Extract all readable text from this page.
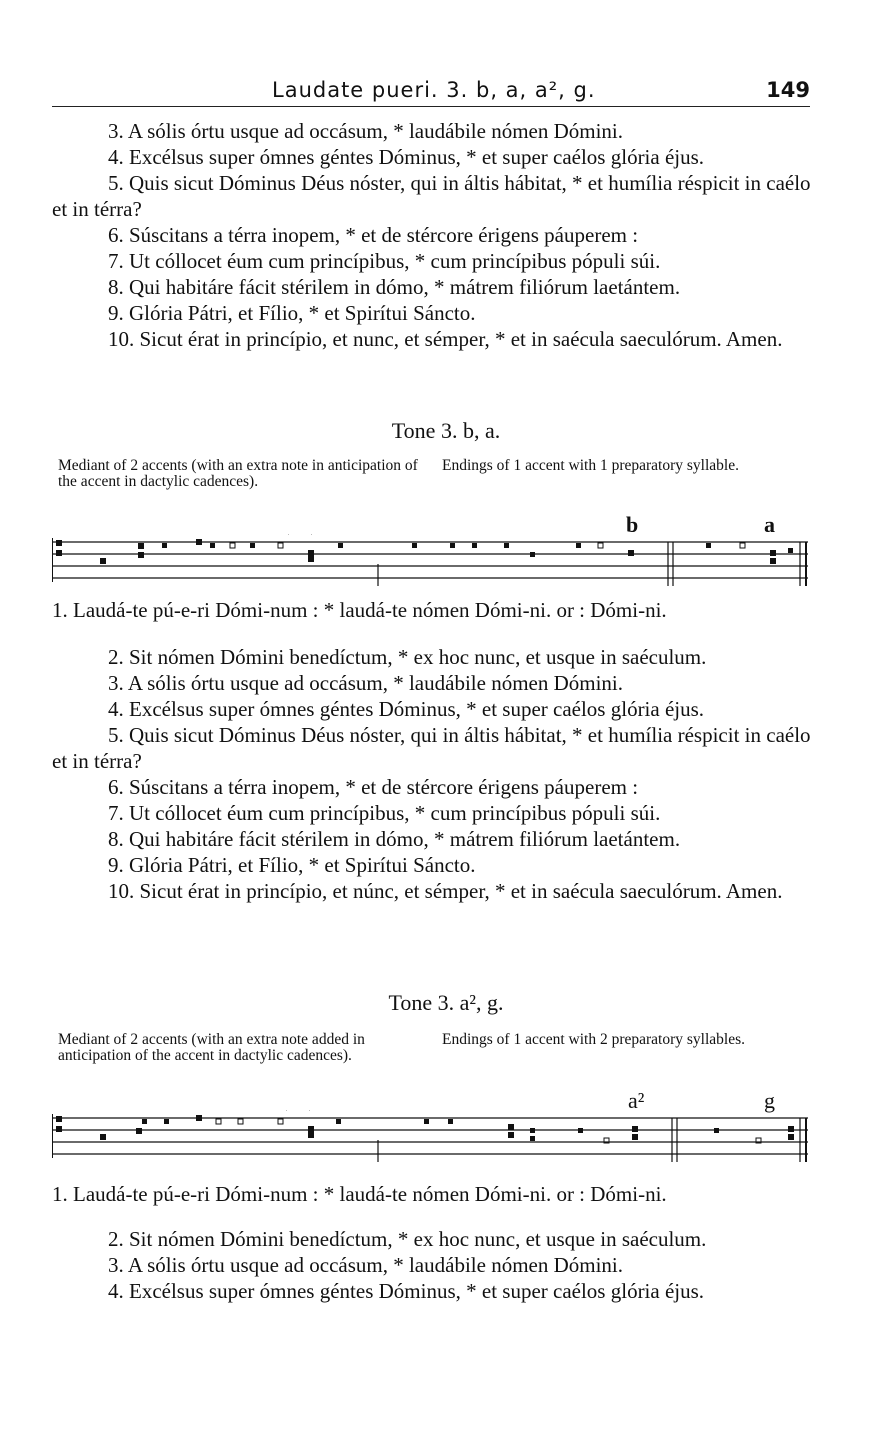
Laudate pueri. 3. b, a, a², g.	149

3. A sólis órtu usque ad occásum, * laudábile nómen Dómini.

4. Excélsus super ómnes géntes Dóminus, * et super caélos glória éjus.

5. Quis sicut Dóminus Déus nóster, qui in áltis hábitat, * et humília réspicit in caélo et in térra?

6. Súscitans a térra inopem, * et de stércore érigens páuperem :

7. Ut cóllocet éum cum princípibus, * cum princípibus pópuli súi.

8. Qui habitáre fácit stérilem in dómo, * mátrem filiórum laetántem.

9. Glória Pátri, et Fílio, * et Spirítui Sáncto.

10. Sicut érat in princípio, et nunc, et sémper, * et in saécula saeculórum. Amen.

Tone 3. b, a.
Mediant of 2 accents (with an extra note in anticipation of the accent in dactylic cadences).
Endings of 1 accent with 1 preparatory syllable.
b	a
1. Laudá-te pú-e-ri Dómi-num : * laudá-te nómen Dómi-ni. or : Dómi-ni.

2. Sit nómen Dómini benedíctum, * ex hoc nunc, et usque in saéculum.

3. A sólis órtu usque ad occásum, * laudábile nómen Dómini.

4. Excélsus super ómnes géntes Dóminus, * et super caélos glória éjus.

5. Quis sicut Dóminus Déus nóster, qui in áltis hábitat, * et humília réspicit in caélo et in térra?

6. Súscitans a térra inopem, * et de stércore érigens páuperem :

7. Ut cóllocet éum cum princípibus, * cum princípibus pópuli súi.

8. Qui habitáre fácit stérilem in dómo, * mátrem filiórum laetántem.

9. Glória Pátri, et Fílio, * et Spirítui Sáncto.

10. Sicut érat in princípio, et núnc, et sémper, * et in saécula saeculórum. Amen.

Tone 3. a², g.
Mediant of 2 accents (with an extra note added in anticipation of the accent in dactylic cadences).
Endings of 1 accent with 2 preparatory syllables.
a²	g
1. Laudá-te pú-e-ri Dómi-num : * laudá-te nómen Dómi-ni. or : Dómi-ni.

2. Sit nómen Dómini benedíctum, * ex hoc nunc, et usque in saéculum.

3. A sólis órtu usque ad occásum, * laudábile nómen Dómini.

4. Excélsus super ómnes géntes Dóminus, * et super caélos glória éjus.
